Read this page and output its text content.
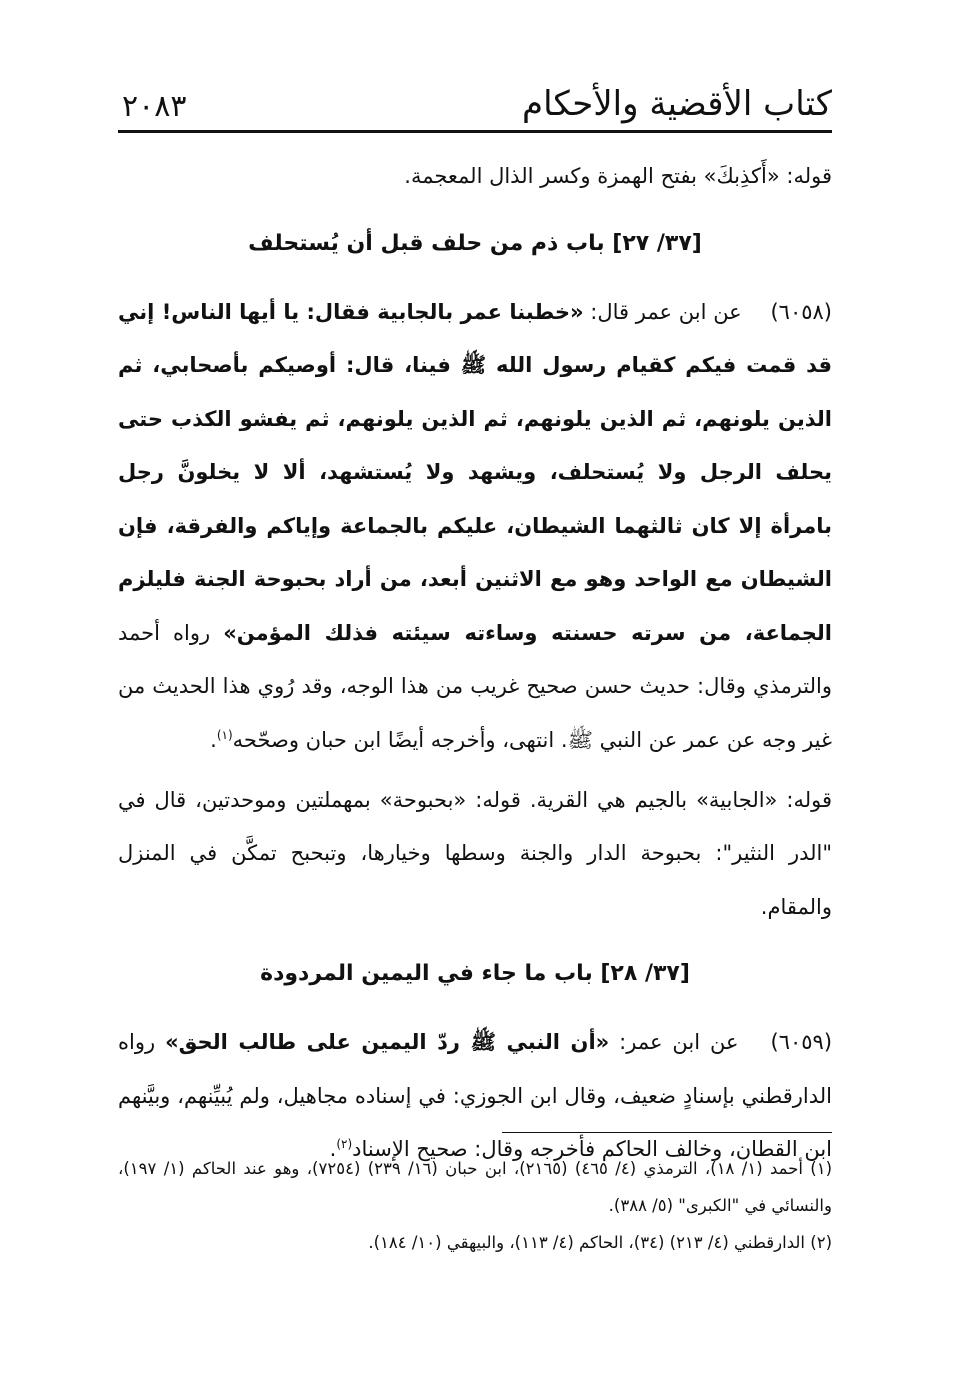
كتاب الأقضية والأحكام
٢٠٨٣

قوله: «أَكذِبكَ» بفتح الهمزة وكسر الذال المعجمة.

[٣٧/ ٢٧] باب ذم من حلف قبل أن يُستحلف

(٦٠٥٨) عن ابن عمر قال: «خطبنا عمر بالجابية فقال: يا أيها الناس! إني قد قمت فيكم كقيام رسول الله ﷺ فينا، قال: أوصيكم بأصحابي، ثم الذين يلونهم، ثم الذين يلونهم، ثم الذين يلونهم، ثم يفشو الكذب حتى يحلف الرجل ولا يُستحلف، ويشهد ولا يُستشهد، ألا لا يخلونَّ رجل بامرأة إلا كان ثالثهما الشيطان، عليكم بالجماعة وإياكم والفرقة، فإن الشيطان مع الواحد وهو مع الاثنين أبعد، من أراد بحبوحة الجنة فليلزم الجماعة، من سرته حسنته وساءته سيئته فذلك المؤمن» رواه أحمد والترمذي وقال: حديث حسن صحيح غريب من هذا الوجه، وقد رُوي هذا الحديث من غير وجه عن عمر عن النبي ﷺ. انتهى، وأخرجه أيضًا ابن حبان وصحّحه$^{(١)}$.

قوله: «الجابية» بالجيم هي القرية. قوله: «بحبوحة» بمهملتين وموحدتين، قال في "الدر النثير": بحبوحة الدار والجنة وسطها وخيارها، وتبحبح تمكَّن في المنزل والمقام.

[٣٧/ ٢٨] باب ما جاء في اليمين المردودة

(٦٠٥٩) عن ابن عمر: «أن النبي ﷺ ردّ اليمين على طالب الحق» رواه الدارقطني بإسنادٍ ضعيف، وقال ابن الجوزي: في إسناده مجاهيل، ولم يُبيِّنهم، وبيَّنهم ابن القطان، وخالف الحاكم فأخرجه وقال: صحيح الإسناد$^{(٢)}$.

(١) أحمد (١/ ١٨)، الترمذي (٤/ ٤٦٥) (٢١٦٥)، ابن حبان (١٦/ ٢٣٩) (٧٢٥٤)، وهو عند الحاكم (١/ ١٩٧)، والنسائي في "الكبرى" (٥/ ٣٨٨).

(٢) الدارقطني (٤/ ٢١٣) (٣٤)، الحاكم (٤/ ١١٣)، والبيهقي (١٠/ ١٨٤).
